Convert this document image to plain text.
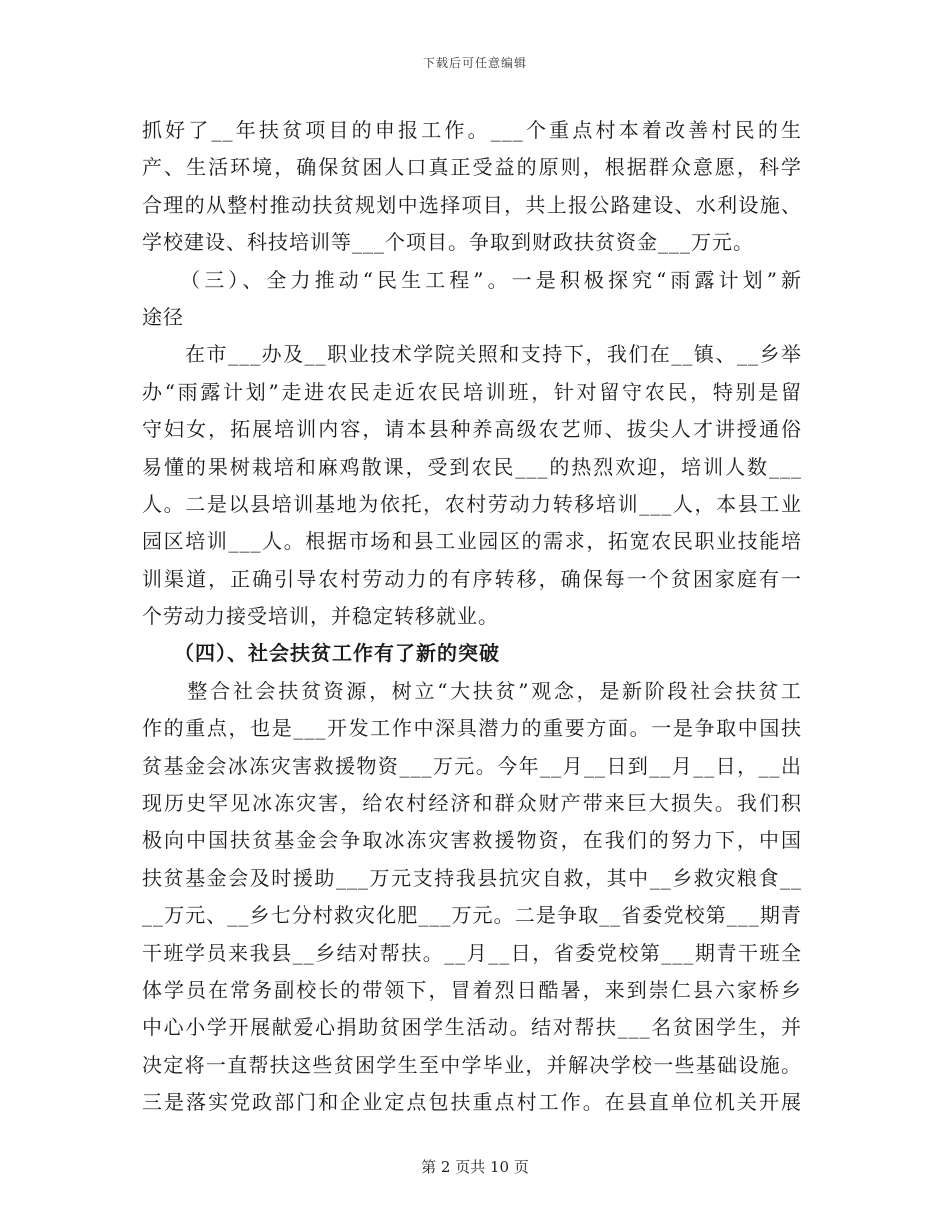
下载后可任意编辑
抓好了__年扶贫项目的申报工作。___个重点村本着改善村民的生
产、生活环境，确保贫困人口真正受益的原则，根据群众意愿，科学
合理的从整村推动扶贫规划中选择项目，共上报公路建设、水利设施、
学校建设、科技培训等___个项目。争取到财政扶贫资金___万元。
　　（三）、全力推动“民生工程”。一是积极探究“雨露计划”新
途径
　　在市___办及__职业技术学院关照和支持下，我们在__镇、__乡举
办“雨露计划”走进农民走近农民培训班，针对留守农民，特别是留
守妇女，拓展培训内容，请本县种养高级农艺师、拔尖人才讲授通俗
易懂的果树栽培和麻鸡散课，受到农民___的热烈欢迎，培训人数___
人。二是以县培训基地为依托，农村劳动力转移培训___人，本县工业
园区培训___人。根据市场和县工业园区的需求，拓宽农民职业技能培
训渠道，正确引导农村劳动力的有序转移，确保每一个贫困家庭有一
个劳动力接受培训，并稳定转移就业。
　　（四）、社会扶贫工作有了新的突破
　　整合社会扶贫资源，树立“大扶贫”观念，是新阶段社会扶贫工
作的重点，也是___开发工作中深具潜力的重要方面。一是争取中国扶
贫基金会冰冻灾害救援物资___万元。今年__月__日到__月__日，__出
现历史罕见冰冻灾害，给农村经济和群众财产带来巨大损失。我们积
极向中国扶贫基金会争取冰冻灾害救援物资，在我们的努力下，中国
扶贫基金会及时援助___万元支持我县抗灾自救，其中__乡救灾粮食__
__万元、__乡七分村救灾化肥___万元。二是争取__省委党校第___期青
干班学员来我县__乡结对帮扶。__月__日，省委党校第___期青干班全
体学员在常务副校长的带领下，冒着烈日酷暑，来到崇仁县六家桥乡
中心小学开展献爱心捐助贫困学生活动。结对帮扶___名贫困学生，并
决定将一直帮扶这些贫困学生至中学毕业，并解决学校一些基础设施。
三是落实党政部门和企业定点包扶重点村工作。在县直单位机关开展
第 2 页共 10 页
